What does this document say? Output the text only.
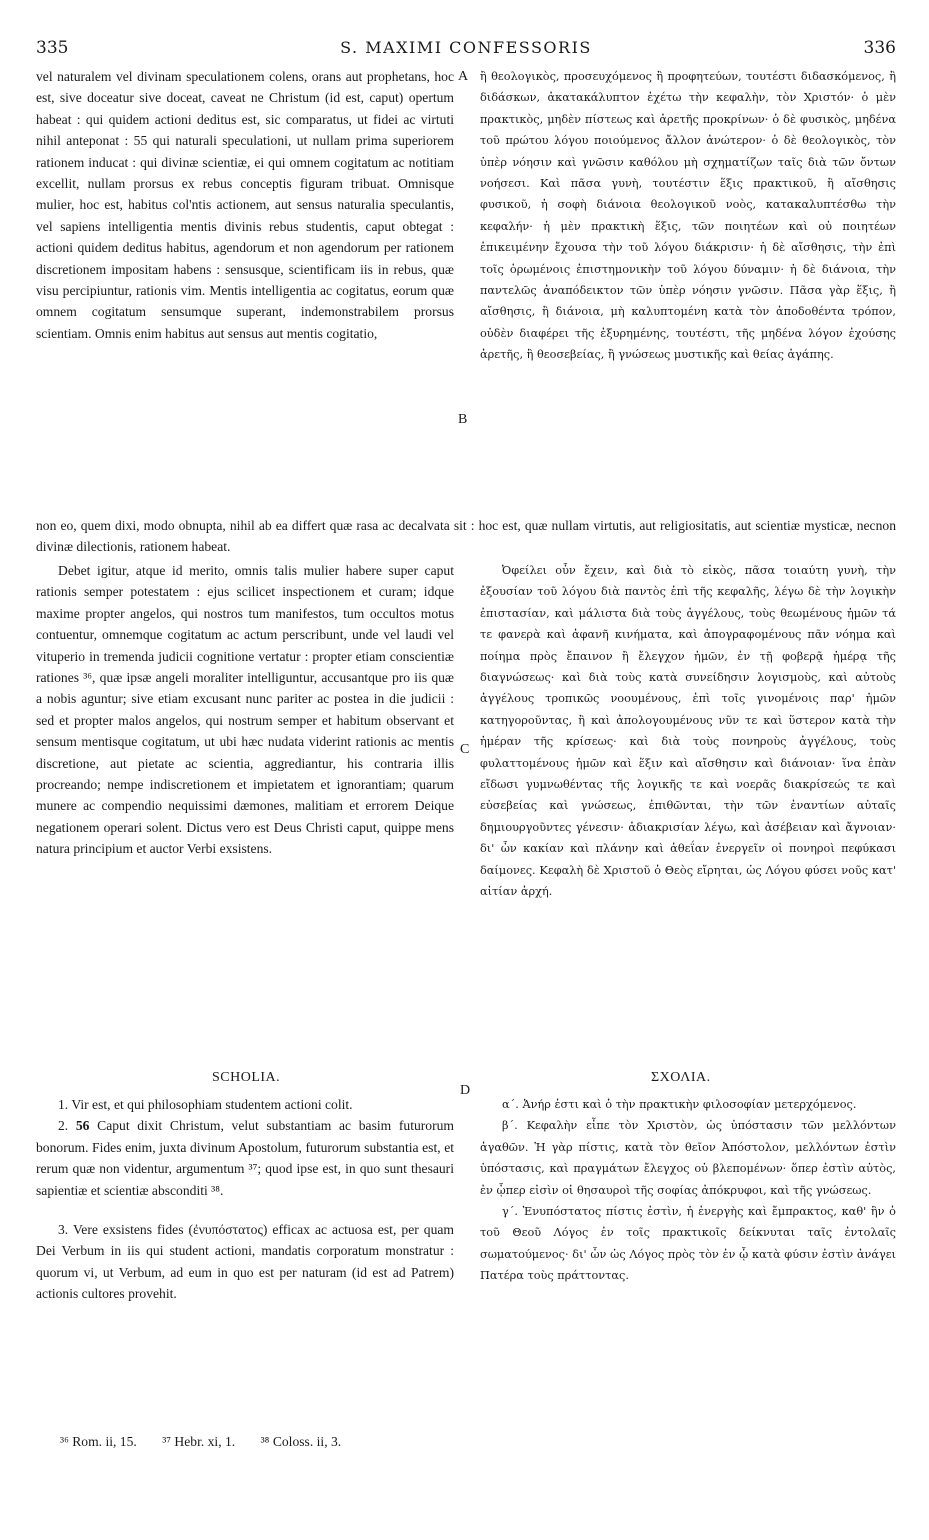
335	S. MAXIMI CONFESSORIS	336

vel naturalem vel divinam speculationem colens, orans aut prophetans, hoc est, sive doceatur sive doceat, caveat ne Christum (id est, caput) opertum habeat : qui quidem actioni deditus est, sic comparatus, ut fidei ac virtuti nihil anteponat : 55 qui naturali speculationi, ut nullam prima superiorem rationem inducat : qui divinæ scientiæ, ei qui omnem cogitatum ac notitiam excellit, nullam prorsus ex rebus conceptis figuram tribuat. Omnisque mulier, hoc est, habitus col'ntis actionem, aut sensus naturalia speculantis, vel sapiens intelligentia mentis divinis rebus studentis, caput obtegat : actioni quidem deditus habitus, agendorum et non agendorum per rationem discretionem impositam habens : sensusque, scientificam iis in rebus, quæ visu percipiuntur, rationis vim. Mentis intelligentia ac cogitatus, eorum quæ omnem cogitatum sensumque superant, indemonstrabilem prorsus scientiam. Omnis enim habitus aut sensus aut mentis cogitatio,

ἢ θεολογικὸς, προσευχόμενος ἢ προφητεύων, τουτέστι διδασκόμενος, ἢ διδάσκων, ἀκατακάλυπτον ἐχέτω τὴν κεφαλὴν, τὸν Χριστόν· ὁ μὲν πρακτικὸς, μηδὲν πίστεως καὶ ἀρετῆς προκρίνων· ὁ δὲ φυσικὸς, μηδένα τοῦ πρώτου λόγου ποιούμενος ἄλλον ἀνώτερον· ὁ δὲ θεολογικὸς, τὸν ὑπὲρ νόησιν καὶ γνῶσιν καθόλου μὴ σχηματίζων ταῖς διὰ τῶν ὄντων νοήσεσι. Καὶ πᾶσα γυνὴ, τουτέστιν ἕξις πρακτικοῦ, ἢ αἴσθησις φυσικοῦ, ἡ σοφὴ διάνοια θεολογικοῦ νοὸς, κατακαλυπτέσθω τὴν κεφαλήν· ἡ μὲν πρακτικὴ ἕξις, τῶν ποιητέων καὶ οὐ ποιητέων ἐπικειμένην ἔχουσα τὴν τοῦ λόγου διάκρισιν· ἡ δὲ αἴσθησις, τὴν ἐπὶ τοῖς ὁρωμένοις ἐπιστημονικὴν τοῦ λόγου δύναμιν· ἡ δὲ διάνοια, τὴν παντελῶς ἀναπόδεικτον τῶν ὑπὲρ νόησιν γνῶσιν. Πᾶσα γὰρ ἕξις, ἢ αἴσθησις, ἢ διάνοια, μὴ καλυπτομένη κατὰ τὸν ἀποδοθέντα τρόπον, οὐδὲν διαφέρει τῆς ἐξυρημένης, τουτέστι, τῆς μηδένα λόγον ἐχούσης ἀρετῆς, ἢ θεοσεβείας, ἢ γνώσεως μυστικῆς καὶ θείας ἀγάπης.

A
B

non eo, quem dixi, modo obnupta, nihil ab ea differt quæ rasa ac decalvata sit : hoc est, quæ nullam virtutis, aut religiositatis, aut scientiæ mysticæ, necnon divinæ dilectionis, rationem habeat.

Debet igitur, atque id merito, omnis talis mulier habere super caput rationis semper potestatem : ejus scilicet inspectionem et curam; idque maxime propter angelos, qui nostros tum manifestos, tum occultos motus contuentur, omnemque cogitatum ac actum perscribunt, unde vel laudi vel vituperio in tremenda judicii cognitione vertatur : propter etiam conscientiæ rationes ³⁶, quæ ipsæ angeli moraliter intelliguntur, accusantque pro iis quæ a nobis aguntur; sive etiam excusant nunc pariter ac postea in die judicii : sed et propter malos angelos, qui nostrum semper et habitum observant et sensum mentisque cogitatum, ut ubi hæc nudata viderint rationis ac mentis discretione, aut pietate ac scientia, aggrediantur, his contraria illis procreando; nempe indiscretionem et impietatem et ignorantiam; quarum munere ac compendio nequissimi dæmones, malitiam et errorem Deique negationem operari solent. Dictus vero est Deus Christi caput, quippe mens natura principium et auctor Verbi exsistens.

Ὀφείλει οὖν ἔχειν, καὶ διὰ τὸ εἰκὸς, πᾶσα τοιαύτη γυνὴ, τὴν ἐξουσίαν τοῦ λόγου διὰ παντὸς ἐπὶ τῆς κεφαλῆς, λέγω δὲ τὴν λογικὴν ἐπιστασίαν, καὶ μάλιστα διὰ τοὺς ἀγγέλους, τοὺς θεωμένους ἡμῶν τά τε φανερὰ καὶ ἀφανῆ κινήματα, καὶ ἀπογραφομένους πᾶν νόημα καὶ ποίημα πρὸς ἔπαινον ἢ ἔλεγχον ἡμῶν, ἐν τῇ φοβερᾷ ἡμέρᾳ τῆς διαγνώσεως· καὶ διὰ τοὺς κατὰ συνείδησιν λογισμοὺς, καὶ αὐτοὺς ἀγγέλους τροπικῶς νοουμένους, ἐπὶ τοῖς γινομένοις παρ' ἡμῶν κατηγοροῦντας, ἢ καὶ ἀπολογουμένους νῦν τε καὶ ὕστερον κατὰ τὴν ἡμέραν τῆς κρίσεως· καὶ διὰ τοὺς πονηροὺς ἀγγέλους, τοὺς φυλαττομένους ἡμῶν καὶ ἕξιν καὶ αἴσθησιν καὶ διάνοιαν· ἵνα ἐπὰν εἴδωσι γυμνωθέντας τῆς λογικῆς τε καὶ νοερᾶς διακρίσεώς τε καὶ εὐσεβείας καὶ γνώσεως, ἐπιθῶνται, τὴν τῶν ἐναντίων αὐταῖς δημιουργοῦντες γένεσιν· ἀδιακρισίαν λέγω, καὶ ἀσέβειαν καὶ ἄγνοιαν· δι' ὧν κακίαν καὶ πλάνην καὶ ἀθεΐαν ἐνεργεῖν οἱ πονηροὶ πεφύκασι δαίμονες. Κεφαλὴ δὲ Χριστοῦ ὁ Θεὸς εἴρηται, ὡς Λόγου φύσει νοῦς κατ' αἰτίαν ἀρχή.

C
D
SCHOLIA.	ΣΧΟΛΙΑ.

1. Vir est, et qui philosophiam studentem actioni colit.

2. 56 Caput dixit Christum, velut substantiam ac basim futurorum bonorum. Fides enim, juxta divinum Apostolum, futurorum substantia est, et rerum quæ non videntur, argumentum ³⁷; quod ipse est, in quo sunt thesauri sapientiæ et scientiæ absconditi ³⁸.

3. Vere exsistens fides (ἐνυπόστατος) efficax ac actuosa est, per quam Dei Verbum in iis qui student actioni, mandatis corporatum monstratur : quorum vi, ut Verbum, ad eum in quo est per naturam (id est ad Patrem) actionis cultores provehit.

α΄. Ἀνήρ ἐστι καὶ ὁ τὴν πρακτικὴν φιλοσοφίαν μετερχόμενος.

β΄. Κεφαλὴν εἶπε τὸν Χριστὸν, ὡς ὑπόστασιν τῶν μελλόντων ἀγαθῶν. Ἡ γὰρ πίστις, κατὰ τὸν θεῖον Ἀπόστολον, μελλόντων ἐστὶν ὑπόστασις, καὶ πραγμάτων ἔλεγχος οὐ βλεπομένων· ὅπερ ἐστὶν αὐτὸς, ἐν ᾧπερ εἰσὶν οἱ θησαυροὶ τῆς σοφίας ἀπόκρυφοι, καὶ τῆς γνώσεως.

γ΄. Ἐνυπόστατος πίστις ἐστὶν, ἡ ἐνεργὴς καὶ ἔμπρακτος, καθ' ἣν ὁ τοῦ Θεοῦ Λόγος ἐν τοῖς πρακτικοῖς δείκνυται ταῖς ἐντολαῖς σωματούμενος· δι' ὧν ὡς Λόγος πρὸς τὸν ἐν ᾧ κατὰ φύσιν ἐστὶν ἀνάγει Πατέρα τοὺς πράττοντας.

³⁶ Rom. ii, 15. ³⁷ Hebr. xi, 1. ³⁸ Coloss. ii, 3.
